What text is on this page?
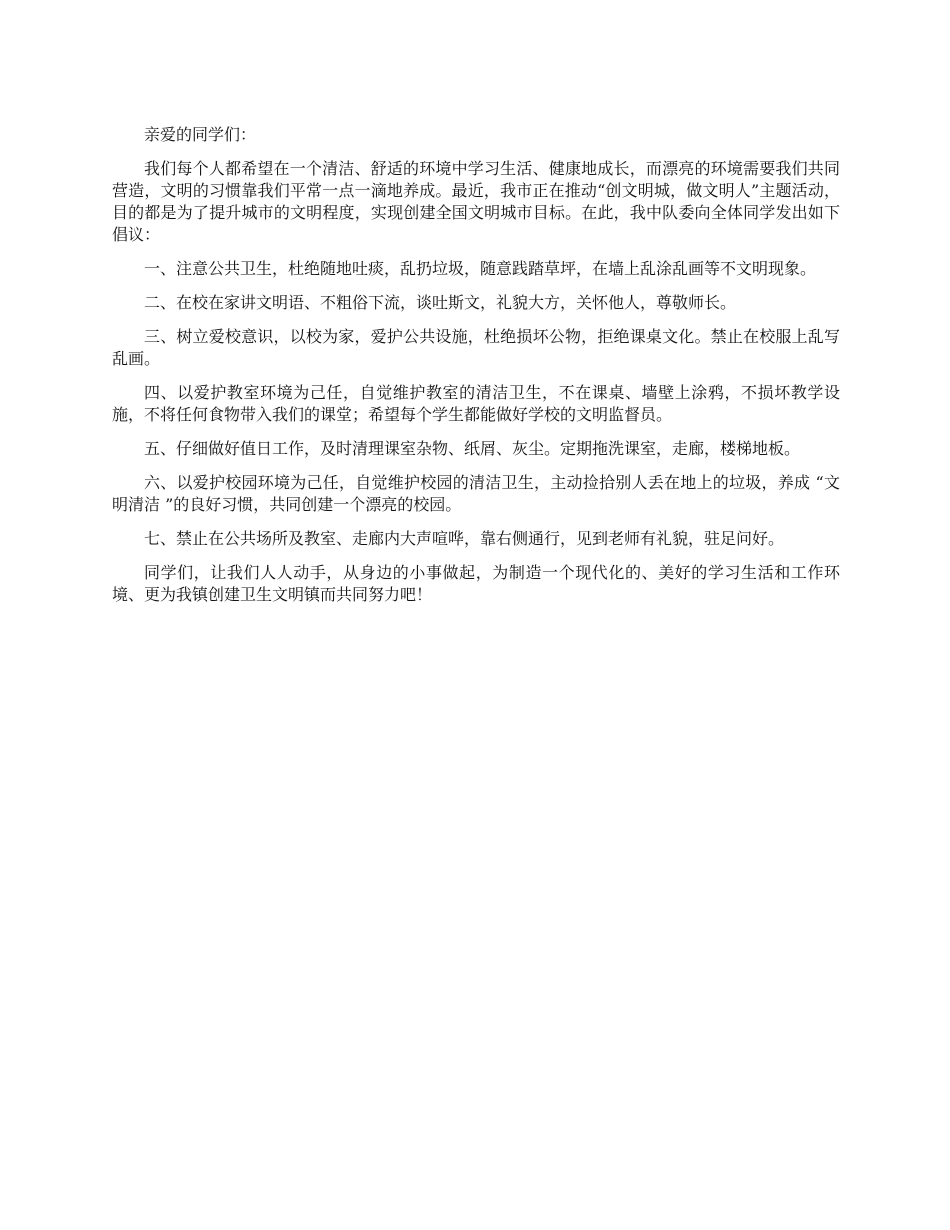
亲爱的同学们：

我们每个人都希望在一个清洁、舒适的环境中学习生活、健康地成长，而漂亮的环境需要我们共同营造，文明的习惯靠我们平常一点一滴地养成。最近，我市正在推动“创文明城，做文明人”主题活动，目的都是为了提升城市的文明程度，实现创建全国文明城市目标。在此，我中队委向全体同学发出如下倡议：

一、注意公共卫生，杜绝随地吐痰，乱扔垃圾，随意践踏草坪，在墙上乱涂乱画等不文明现象。

二、在校在家讲文明语、不粗俗下流，谈吐斯文，礼貌大方，关怀他人，尊敬师长。

三、树立爱校意识，以校为家，爱护公共设施，杜绝损坏公物，拒绝课桌文化。禁止在校服上乱写乱画。

四、以爱护教室环境为己任，自觉维护教室的清洁卫生，不在课桌、墙壁上涂鸦，不损坏教学设施，不将任何食物带入我们的课堂；希望每个学生都能做好学校的文明监督员。

五、仔细做好值日工作，及时清理课室杂物、纸屑、灰尘。定期拖洗课室，走廊，楼梯地板。

六、以爱护校园环境为己任，自觉维护校园的清洁卫生，主动捡拾别人丢在地上的垃圾，养成 “文明清洁 ”的良好习惯，共同创建一个漂亮的校园。

七、禁止在公共场所及教室、走廊内大声喧哗，靠右侧通行，见到老师有礼貌，驻足问好。

同学们，让我们人人动手，从身边的小事做起，为制造一个现代化的、美好的学习生活和工作环境、更为我镇创建卫生文明镇而共同努力吧！
